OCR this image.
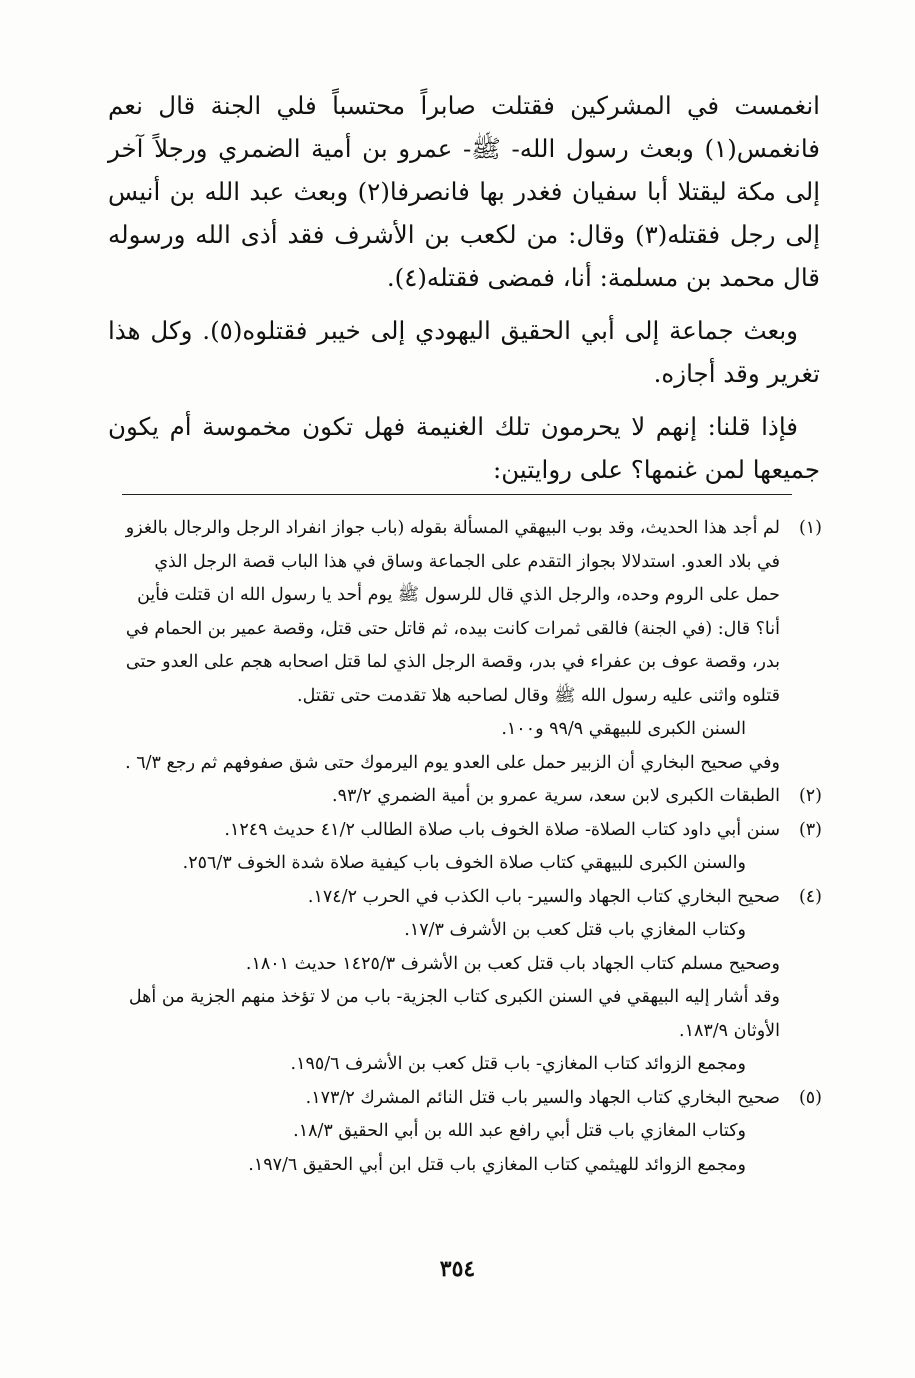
انغمست في المشركين فقتلت صابراً محتسباً فلي الجنة قال نعم فانغمس(١) وبعث رسول الله- ﷺ- عمرو بن أمية الضمري ورجلاً آخر إلى مكة ليقتلا أبا سفيان فغدر بها فانصرفا(٢) وبعث عبد الله بن أنيس إلى رجل فقتله(٣) وقال: من لكعب بن الأشرف فقد أذى الله ورسوله قال محمد بن مسلمة: أنا، فمضى فقتله(٤).

وبعث جماعة إلى أبي الحقيق اليهودي إلى خيبر فقتلوه(٥). وكل هذا تغرير وقد أجازه.

فإذا قلنا: إنهم لا يحرمون تلك الغنيمة فهل تكون مخموسة أم يكون جميعها لمن غنمها؟ على روايتين:

(١)
لم أجد هذا الحديث، وقد بوب البيهقي المسألة بقوله (باب جواز انفراد الرجل والرجال بالغزو في بلاد العدو. استدلالا بجواز التقدم على الجماعة وساق في هذا الباب قصة الرجل الذي حمل على الروم وحده، والرجل الذي قال للرسول ﷺ يوم أحد يا رسول الله ان قتلت فأين أنا؟ قال: (في الجنة) فالقى ثمرات كانت بيده، ثم قاتل حتى قتل، وقصة عمير بن الحمام في بدر، وقصة عوف بن عفراء في بدر، وقصة الرجل الذي لما قتل اصحابه هجم على العدو حتى قتلوه واثنى عليه رسول الله ﷺ وقال لصاحبه هلا تقدمت حتى تقتل.
السنن الكبرى للبيهقي ٩٩/٩ و١٠٠.
وفي صحيح البخاري أن الزبير حمل على العدو يوم اليرموك حتى شق صفوفهم ثم رجع ٦/٣ .
(٢)
الطبقات الكبرى لابن سعد، سرية عمرو بن أمية الضمري ٩٣/٢.
(٣)
سنن أبي داود كتاب الصلاة- صلاة الخوف باب صلاة الطالب ٤١/٢ حديث ١٢٤٩.
والسنن الكبرى للبيهقي كتاب صلاة الخوف باب كيفية صلاة شدة الخوف ٢٥٦/٣.
(٤)
صحيح البخاري كتاب الجهاد والسير- باب الكذب في الحرب ١٧٤/٢.
وكتاب المغازي باب قتل كعب بن الأشرف ١٧/٣.
وصحيح مسلم كتاب الجهاد باب قتل كعب بن الأشرف ١٤٢٥/٣ حديث ١٨٠١.
وقد أشار إليه البيهقي في السنن الكبرى كتاب الجزية- باب من لا تؤخذ منهم الجزية من أهل الأوثان ١٨٣/٩.
ومجمع الزوائد كتاب المغازي- باب قتل كعب بن الأشرف ١٩٥/٦.
(٥)
صحيح البخاري كتاب الجهاد والسير باب قتل النائم المشرك ١٧٣/٢.
وكتاب المغازي باب قتل أبي رافع عبد الله بن أبي الحقيق ١٨/٣.
ومجمع الزوائد للهيثمي كتاب المغازي باب قتل ابن أبي الحقيق ١٩٧/٦.
٣٥٤
